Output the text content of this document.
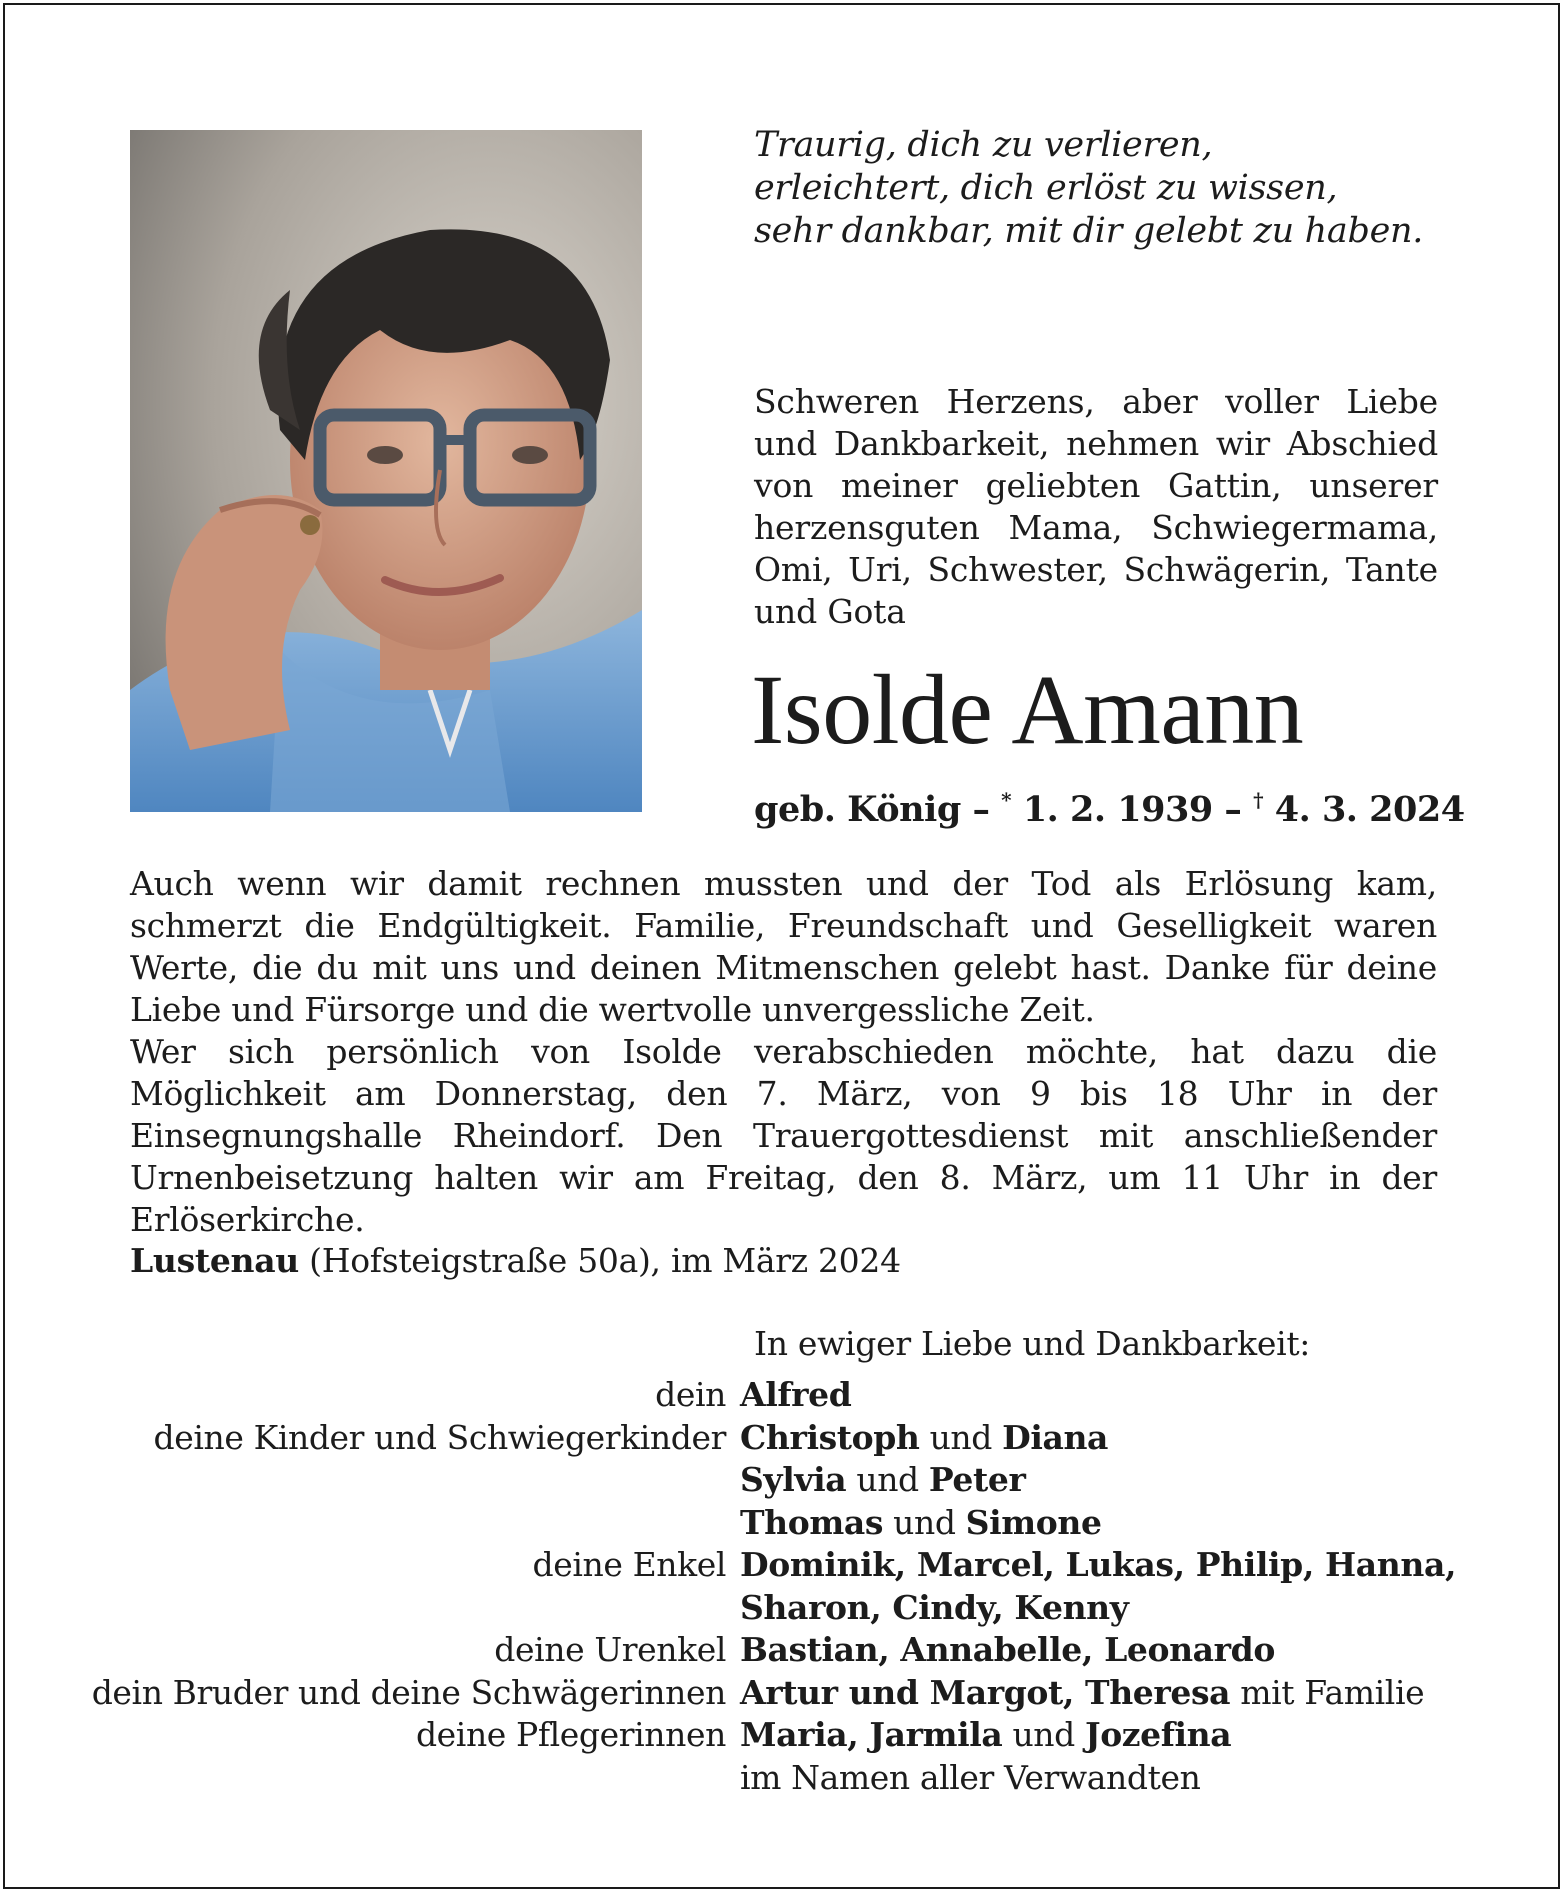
Traurig, dich zu verlieren,
erleichtert, dich erlöst zu wissen,
sehr dankbar, mit dir gelebt zu haben.
Schweren Herzens, aber voller Liebe und Dankbarkeit, nehmen wir Abschied von meiner geliebten Gattin, unserer herzensguten Mama, Schwiegermama, Omi, Uri, Schwester, Schwägerin, Tante und Gota
Isolde Amann
geb. König – * 1. 2. 1939 – † 4. 3. 2024

Auch wenn wir damit rechnen mussten und der Tod als Erlösung kam, schmerzt die Endgültigkeit. Familie, Freundschaft und Geselligkeit waren Werte, die du mit uns und deinen Mitmenschen gelebt hast. Danke für deine Liebe und Fürsorge und die wertvolle unvergessliche Zeit.

Wer sich persönlich von Isolde verabschieden möchte, hat dazu die Möglichkeit am Donnerstag, den 7. März, von 9 bis 18 Uhr in der Einsegnungshalle Rheindorf. Den Trauergottesdienst mit anschließender Urnenbeisetzung halten wir am Freitag, den 8. März, um 11 Uhr in der Erlöserkirche.

Lustenau (Hofsteigstraße 50a), im März 2024
In ewiger Liebe und Dankbarkeit:
dein Alfred
deine Kinder und Schwiegerkinder Christoph und Diana
Sylvia und Peter
Thomas und Simone
deine Enkel Dominik, Marcel, Lukas, Philip, Hanna,
Sharon, Cindy, Kenny
deine Urenkel Bastian, Annabelle, Leonardo
dein Bruder und deine Schwägerinnen Artur und Margot, Theresa mit Familie
deine Pflegerinnen Maria, Jarmila und Jozefina
im Namen aller Verwandten
